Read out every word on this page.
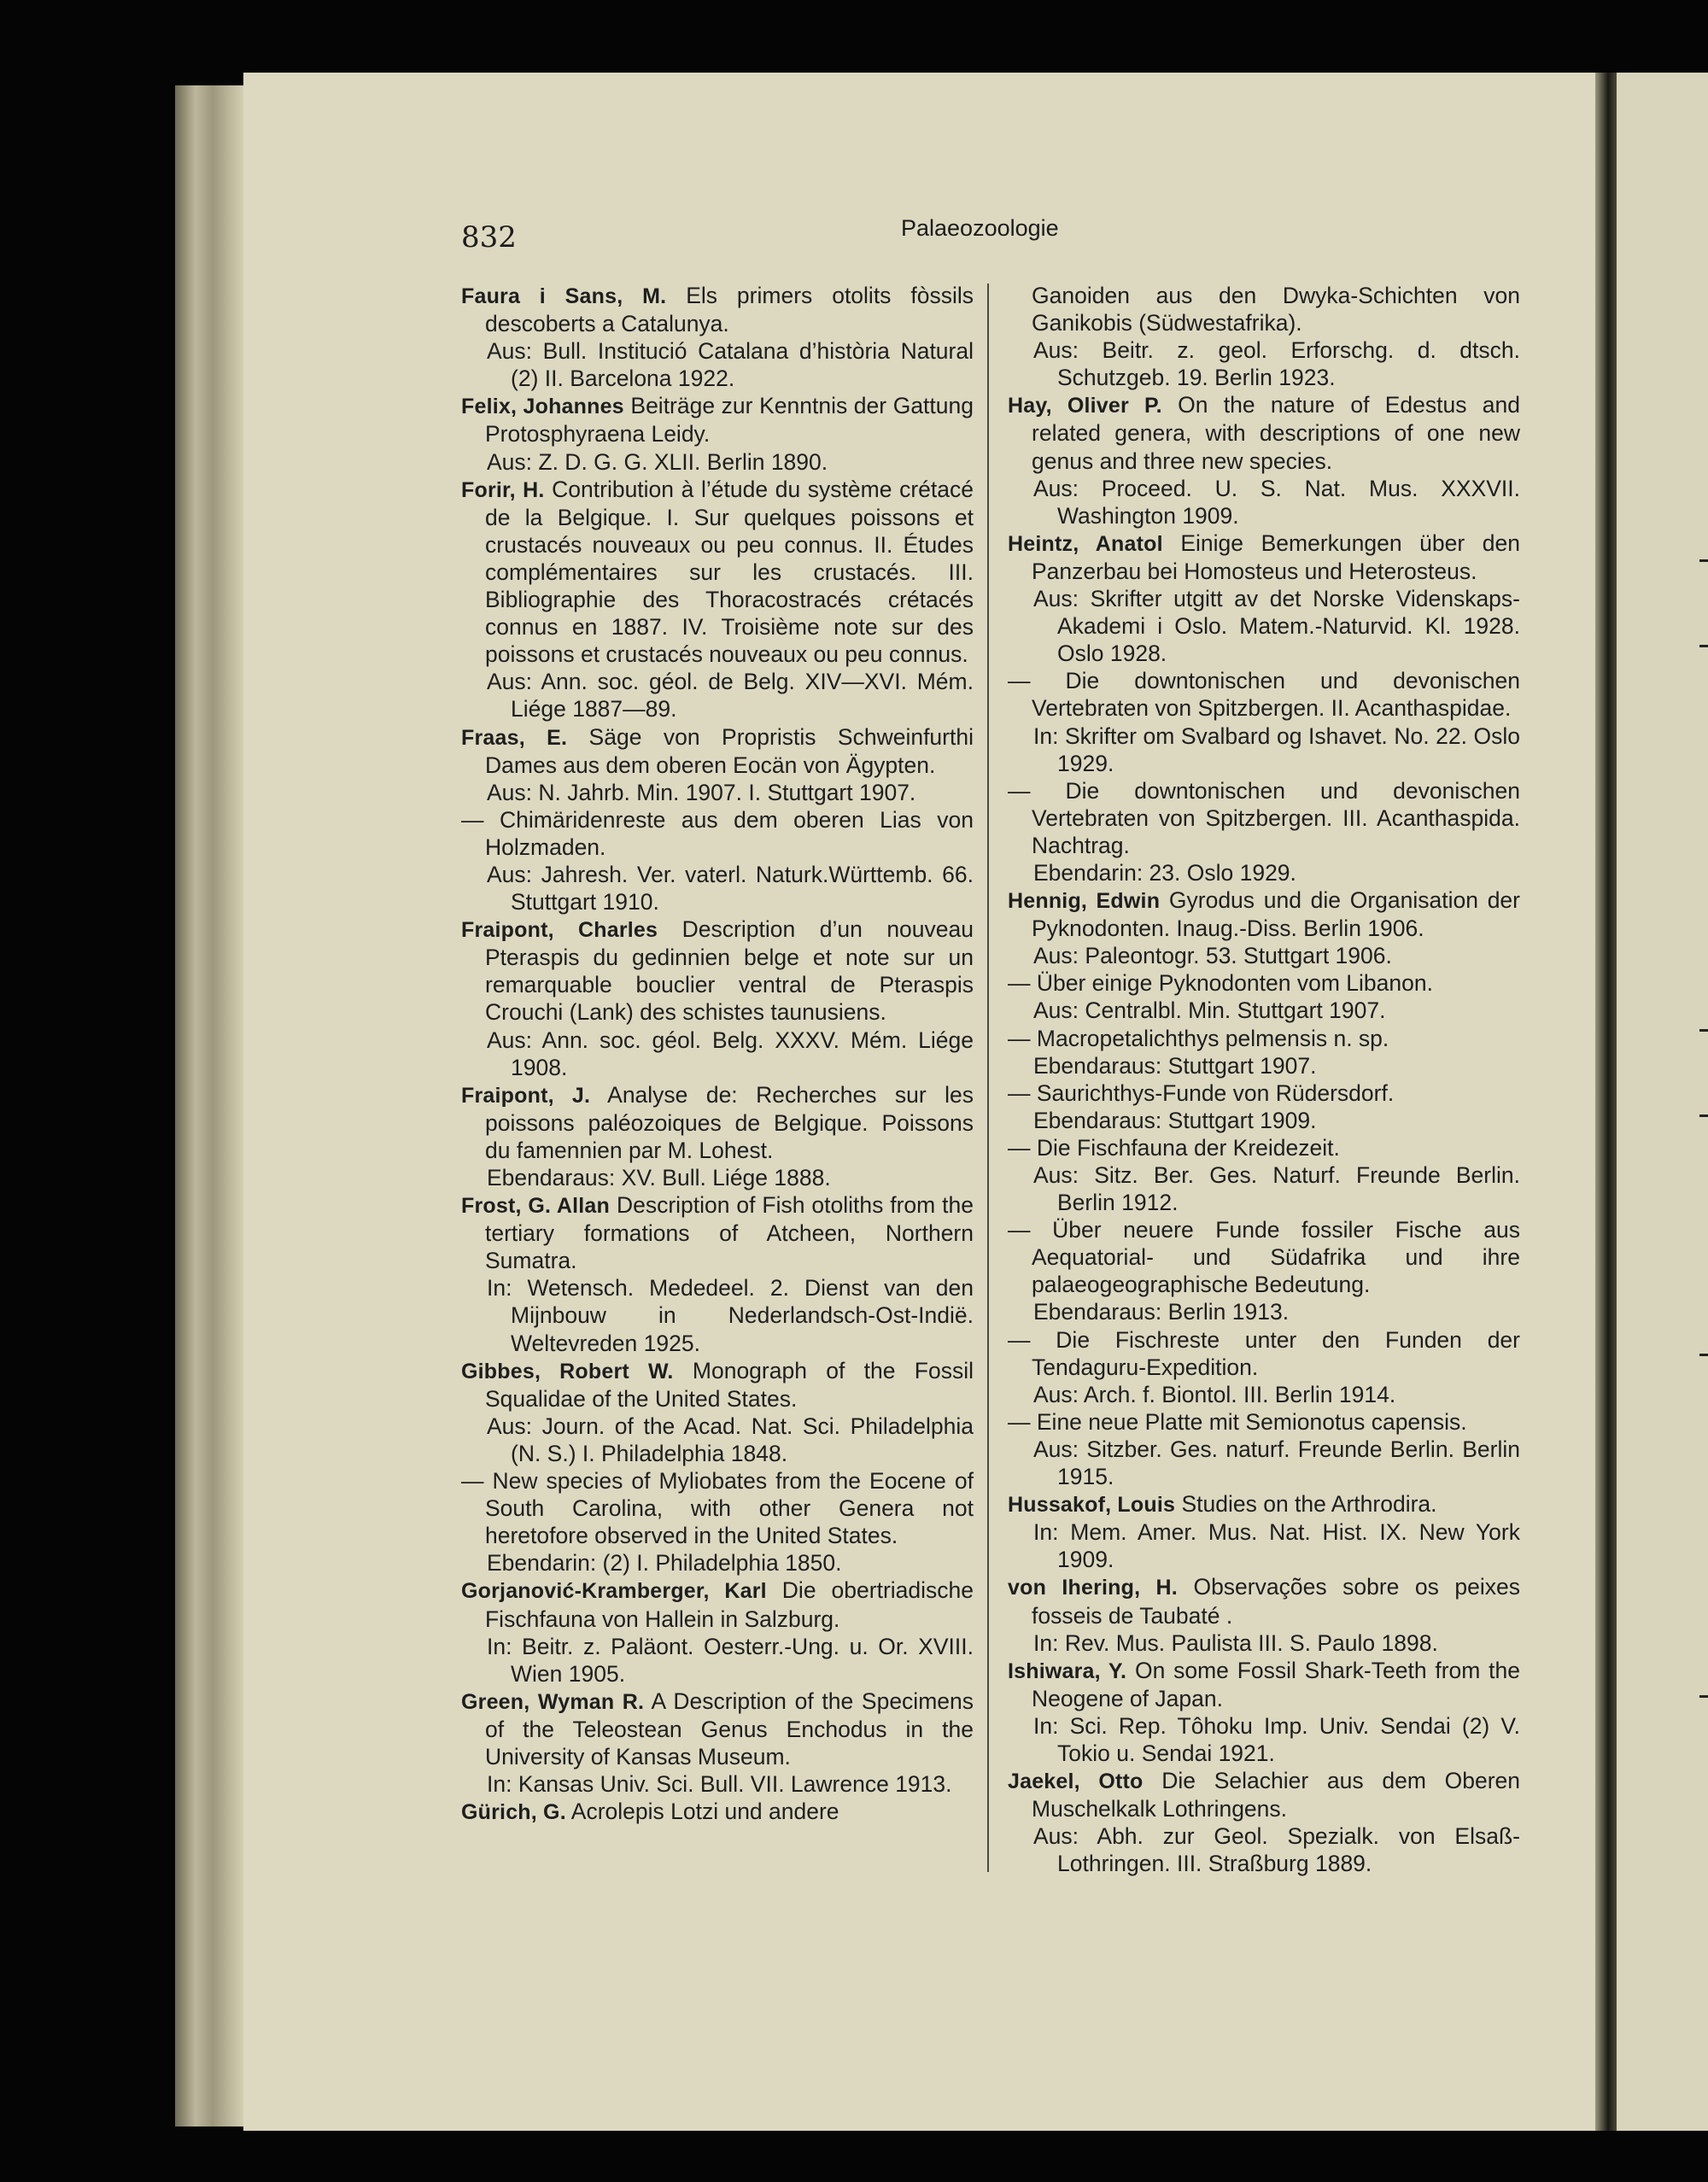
832	Palaeozoologie

Faura i Sans, M. Els primers otolits fòssils descoberts a Catalunya.

Aus: Bull. Institució Catalana d’història Natural (2) II. Barcelona 1922.

Felix, Johannes Beiträge zur Kenntnis der Gattung Protosphyraena Leidy.

Aus: Z. D. G. G. XLII. Berlin 1890.

Forir, H. Contribution à l’étude du système crétacé de la Belgique. I. Sur quelques poissons et crustacés nouveaux ou peu connus. II. Études complémentaires sur les crustacés. III. Bibliographie des Thoracostracés crétacés connus en 1887. IV. Troisième note sur des poissons et crustacés nouveaux ou peu connus.

Aus: Ann. soc. géol. de Belg. XIV—XVI. Mém. Liége 1887—89.

Fraas, E. Säge von Propristis Schweinfurthi Dames aus dem oberen Eocän von Ägypten.

Aus: N. Jahrb. Min. 1907. I. Stuttgart 1907.

— Chimäridenreste aus dem oberen Lias von Holzmaden.

Aus: Jahresh. Ver. vaterl. Naturk.Württemb. 66. Stuttgart 1910.

Fraipont, Charles Description d’un nouveau Pteraspis du gedinnien belge et note sur un remarquable bouclier ventral de Pteraspis Crouchi (Lank) des schistes taunusiens.

Aus: Ann. soc. géol. Belg. XXXV. Mém. Liége 1908.

Fraipont, J. Analyse de: Recherches sur les poissons paléozoiques de Belgique. Poissons du famennien par M. Lohest.

Ebendaraus: XV. Bull. Liége 1888.

Frost, G. Allan Description of Fish otoliths from the tertiary formations of Atcheen, Northern Sumatra.

In: Wetensch. Mededeel. 2. Dienst van den Mijnbouw in Nederlandsch-Ost-Indië. Weltevreden 1925.

Gibbes, Robert W. Monograph of the Fossil Squalidae of the United States.

Aus: Journ. of the Acad. Nat. Sci. Philadelphia (N. S.) I. Philadelphia 1848.

— New species of Myliobates from the Eocene of South Carolina, with other Genera not heretofore observed in the United States.

Ebendarin: (2) I. Philadelphia 1850.

Gorjanović-Kramberger, Karl Die obertriadische Fischfauna von Hallein in Salzburg.

In: Beitr. z. Paläont. Oesterr.-Ung. u. Or. XVIII. Wien 1905.

Green, Wyman R. A Description of the Specimens of the Teleostean Genus Enchodus in the University of Kansas Museum.

In: Kansas Univ. Sci. Bull. VII. Lawrence 1913.

Gürich, G. Acrolepis Lotzi und andere

Ganoiden aus den Dwyka-Schichten von Ganikobis (Südwestafrika).

Aus: Beitr. z. geol. Erforschg. d. dtsch. Schutzgeb. 19. Berlin 1923.

Hay, Oliver P. On the nature of Edestus and related genera, with descriptions of one new genus and three new species.

Aus: Proceed. U. S. Nat. Mus. XXXVII. Washington 1909.

Heintz, Anatol Einige Bemerkungen über den Panzerbau bei Homosteus und Heterosteus.

Aus: Skrifter utgitt av det Norske Videnskaps-Akademi i Oslo. Matem.-Naturvid. Kl. 1928. Oslo 1928.

— Die downtonischen und devonischen Vertebraten von Spitzbergen. II. Acanthaspidae.

In: Skrifter om Svalbard og Ishavet. No. 22. Oslo 1929.

— Die downtonischen und devonischen Vertebraten von Spitzbergen. III. Acanthaspida. Nachtrag.

Ebendarin: 23. Oslo 1929.

Hennig, Edwin Gyrodus und die Organisation der Pyknodonten. Inaug.-Diss. Berlin 1906.

Aus: Paleontogr. 53. Stuttgart 1906.

— Über einige Pyknodonten vom Libanon.

Aus: Centralbl. Min. Stuttgart 1907.

— Macropetalichthys pelmensis n. sp.

Ebendaraus: Stuttgart 1907.

— Saurichthys-Funde von Rüdersdorf.

Ebendaraus: Stuttgart 1909.

— Die Fischfauna der Kreidezeit.

Aus: Sitz. Ber. Ges. Naturf. Freunde Berlin. Berlin 1912.

— Über neuere Funde fossiler Fische aus Aequatorial- und Südafrika und ihre palaeogeographische Bedeutung.

Ebendaraus: Berlin 1913.

— Die Fischreste unter den Funden der Tendaguru-Expedition.

Aus: Arch. f. Biontol. III. Berlin 1914.

— Eine neue Platte mit Semionotus capensis.

Aus: Sitzber. Ges. naturf. Freunde Berlin. Berlin 1915.

Hussakof, Louis Studies on the Arthrodira.

In: Mem. Amer. Mus. Nat. Hist. IX. New York 1909.

von Ihering, H. Observações sobre os peixes fosseis de Taubaté .

In: Rev. Mus. Paulista III. S. Paulo 1898.

Ishiwara, Y. On some Fossil Shark-Teeth from the Neogene of Japan.

In: Sci. Rep. Tôhoku Imp. Univ. Sendai (2) V. Tokio u. Sendai 1921.

Jaekel, Otto Die Selachier aus dem Oberen Muschelkalk Lothringens.

Aus: Abh. zur Geol. Spezialk. von Elsaß-Lothringen. III. Straßburg 1889.
